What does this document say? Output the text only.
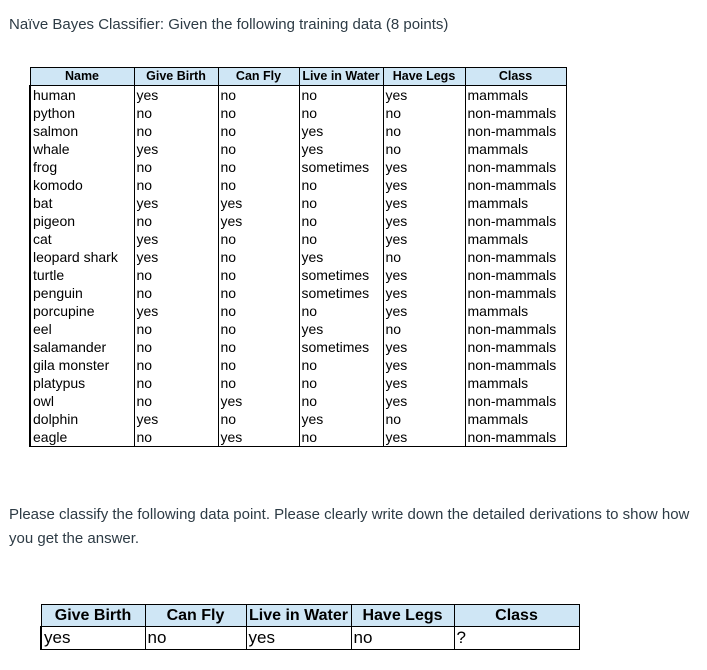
Naïve Bayes Classifier: Given the following training data (8 points)
Name	Give Birth	Can Fly	Live in Water	Have Legs	Class
human	yes	no	no	yes	mammals
python	no	no	no	no	non-mammals
salmon	no	no	yes	no	non-mammals
whale	yes	no	yes	no	mammals
frog	no	no	sometimes	yes	non-mammals
komodo	no	no	no	yes	non-mammals
bat	yes	yes	no	yes	mammals
pigeon	no	yes	no	yes	non-mammals
cat	yes	no	no	yes	mammals
leopard shark	yes	no	yes	no	non-mammals
turtle	no	no	sometimes	yes	non-mammals
penguin	no	no	sometimes	yes	non-mammals
porcupine	yes	no	no	yes	mammals
eel	no	no	yes	no	non-mammals
salamander	no	no	sometimes	yes	non-mammals
gila monster	no	no	no	yes	non-mammals
platypus	no	no	no	yes	mammals
owl	no	yes	no	yes	non-mammals
dolphin	yes	no	yes	no	mammals
eagle	no	yes	no	yes	non-mammals
Please classify the following data point. Please clearly write down the detailed derivations to show how you get the answer.
Give Birth	Can Fly	Live in Water	Have Legs	Class
yes	no	yes	no	?
